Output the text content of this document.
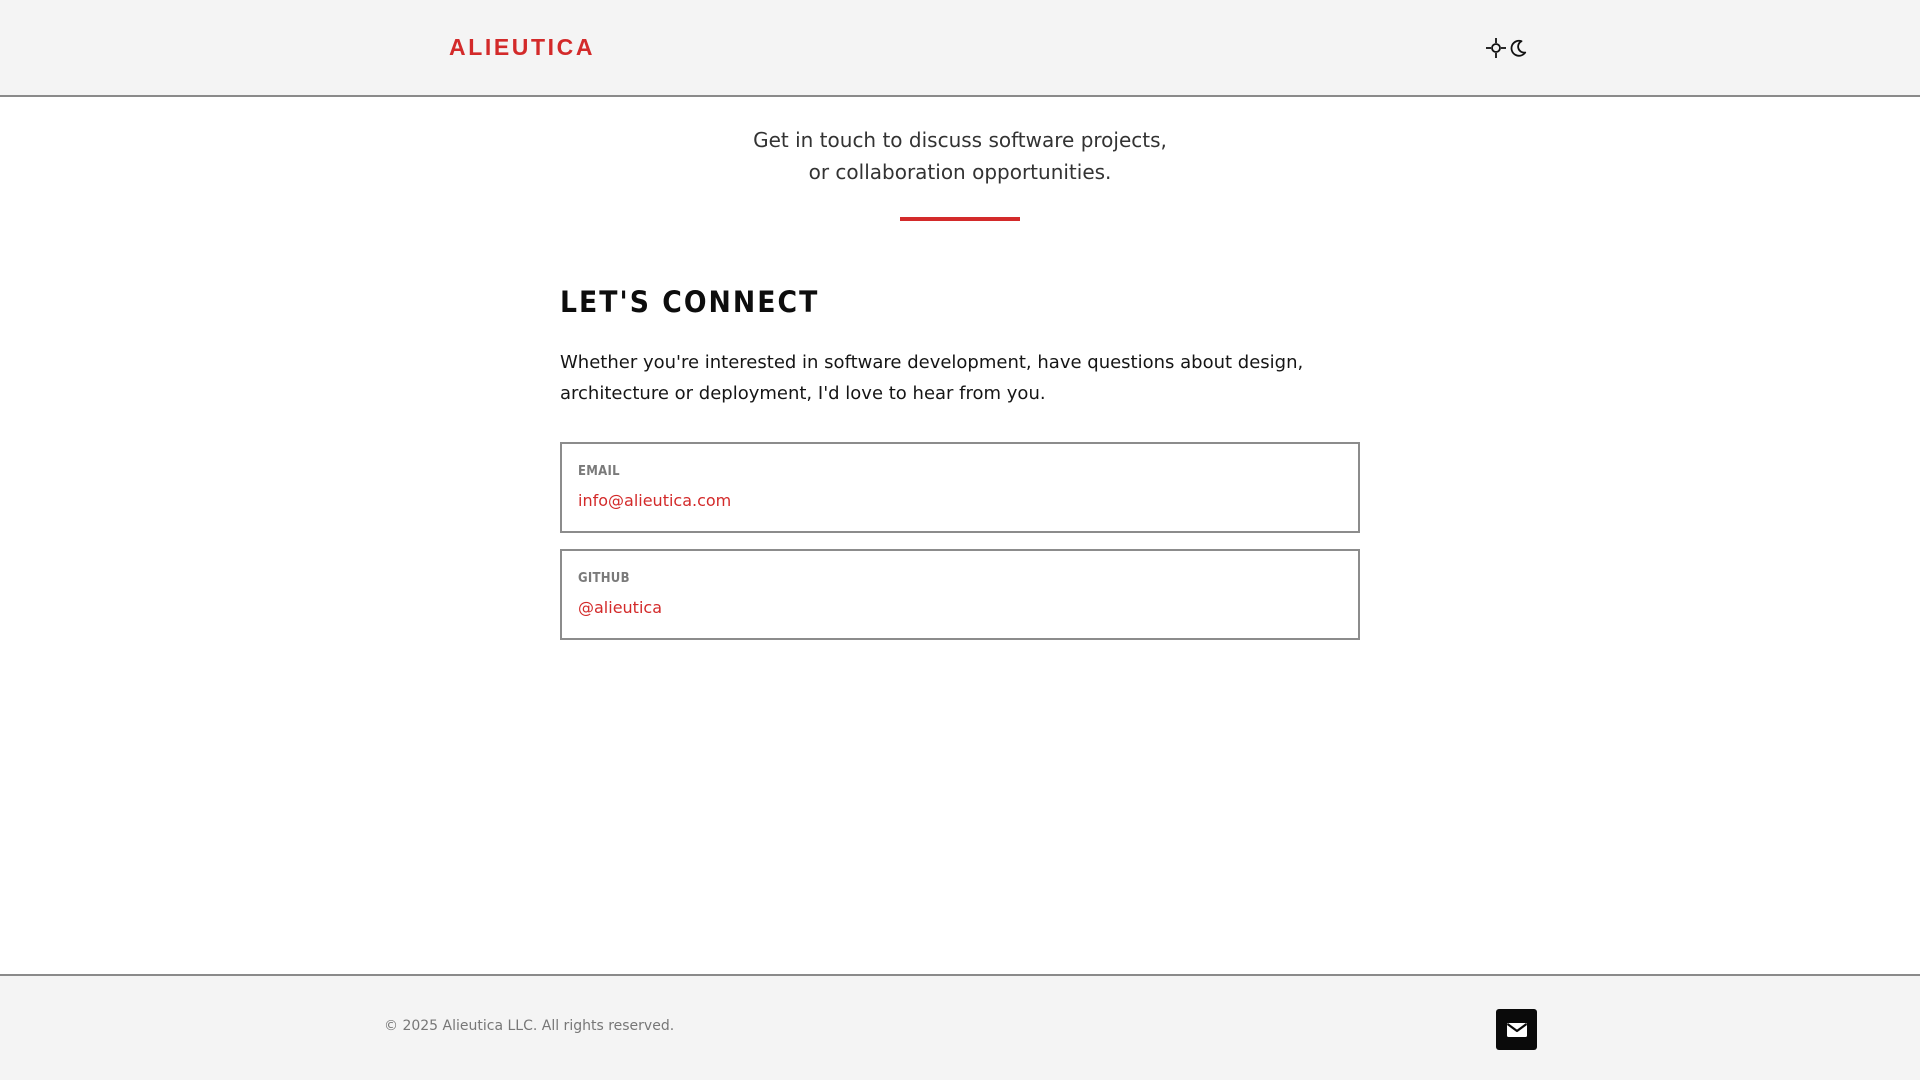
ALIEUTICA

Get in touch to discuss software projects,

or collaboration opportunities.

LET'S CONNECT

Whether you're interested in software development, have questions about design, architecture or deployment, I'd love to hear from you.

EMAIL
info@alieutica.com
GITHUB
@alieutica
© 2025 Alieutica LLC. All rights reserved.
